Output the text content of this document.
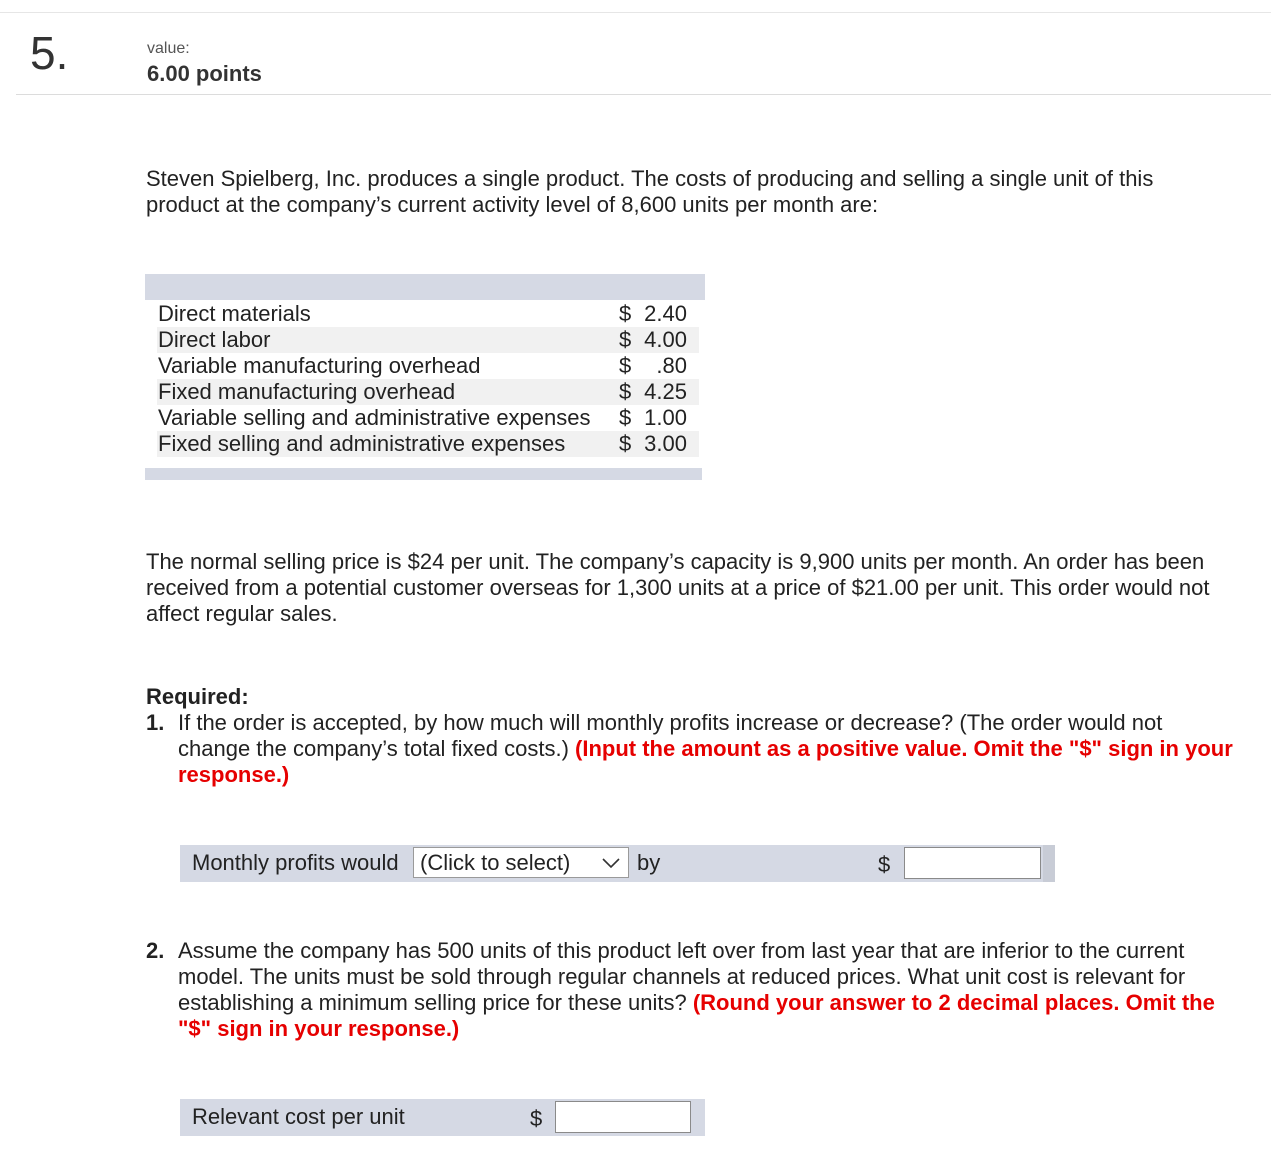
5.	value:
6.00 points
Steven Spielberg, Inc. produces a single product. The costs of producing and selling a single unit of this product at the company’s current activity level of 8,600 units per month are:
Direct materials	$ 2.40
Direct labor	$ 4.00
Variable manufacturing overhead	$ .80
Fixed manufacturing overhead	$ 4.25
Variable selling and administrative expenses $ 1.00
Fixed selling and administrative expenses $ 3.00
The normal selling price is $24 per unit. The company’s capacity is 9,900 units per month. An order has been received from a potential customer overseas for 1,300 units at a price of $21.00 per unit. This order would not affect regular sales.
Required:
1. If the order is accepted, by how much will monthly profits increase or decrease? (The order would not change the company’s total fixed costs.) (Input the amount as a positive value. Omit the "$" sign in your response.)
Monthly profits would (Click to select)	by	$
2. Assume the company has 500 units of this product left over from last year that are inferior to the current model. The units must be sold through regular channels at reduced prices. What unit cost is relevant for establishing a minimum selling price for these units? (Round your answer to 2 decimal places. Omit the "$" sign in your response.)
Relevant cost per unit	$
